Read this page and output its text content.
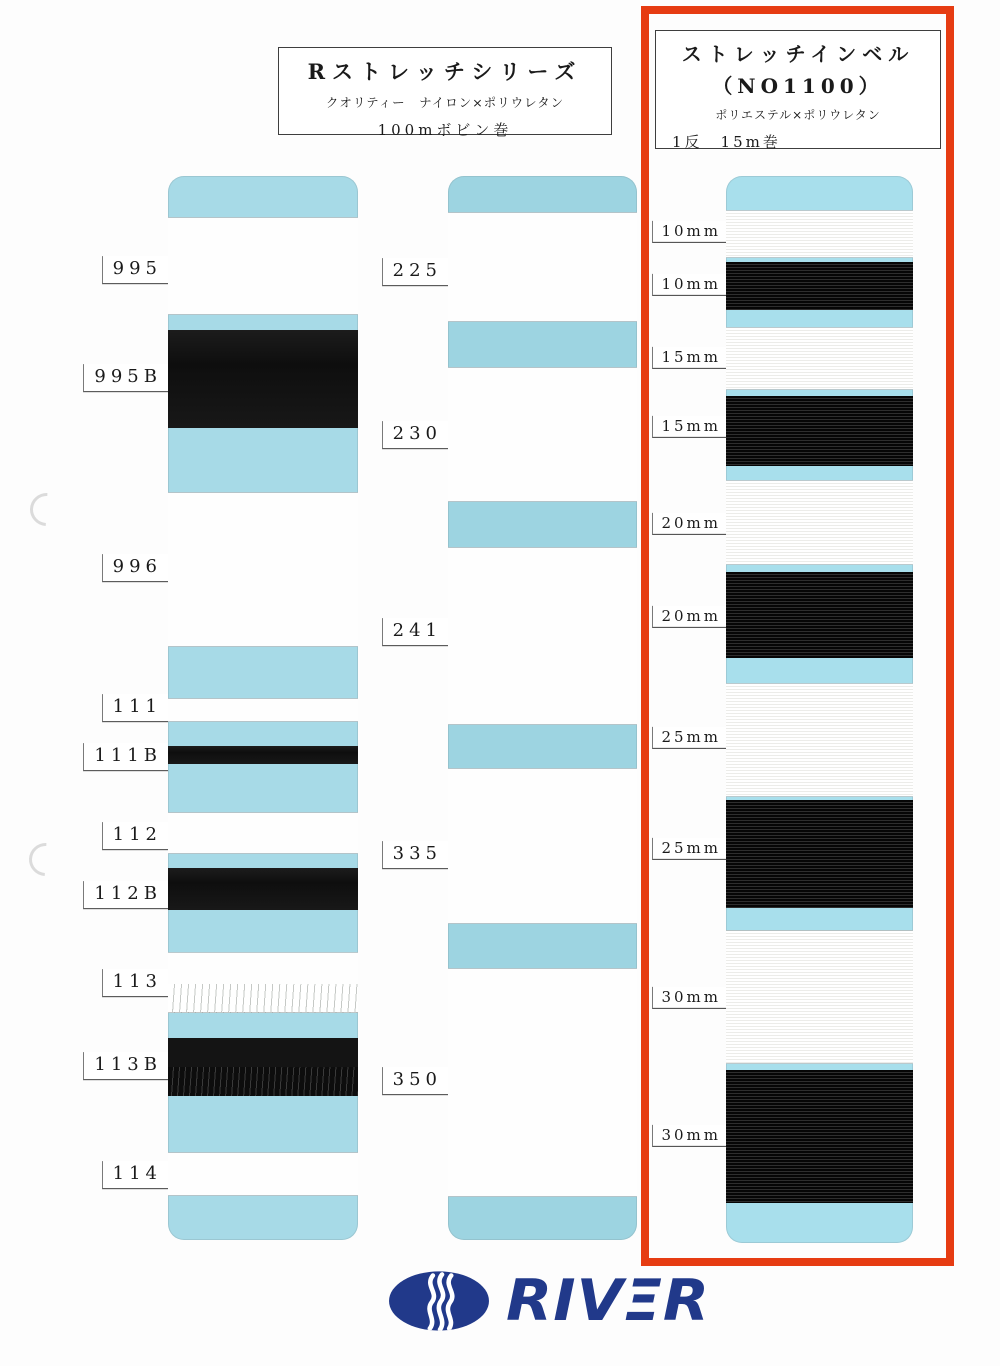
Rストレッチシリーズ
クオリティー　ナイロン×ポリウレタン
100mボビン巻
ストレッチインベル
（NO1100）
ポリエステル×ポリウレタン
1反　15m巻
995
995B
996
111
111B
112
112B
113
113B
114
225
230
241
335
350
10mm
10mm
15mm
15mm
20mm
20mm
25mm
25mm
30mm
30mm
RIVΞR
